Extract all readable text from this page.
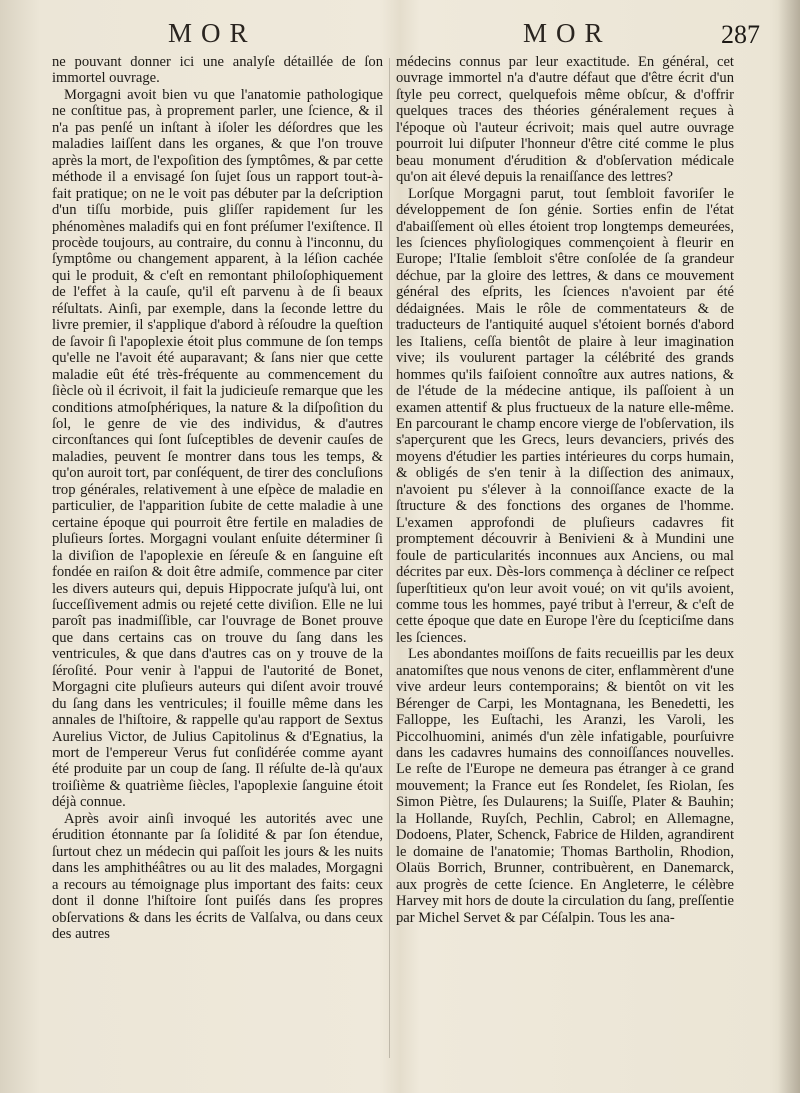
MOR	MOR	287

ne pouvant donner ici une analyſe détaillée de ſon immortel ouvrage.

Morgagni avoit bien vu que l'anatomie pathologique ne conſtitue pas, à proprement parler, une ſcience, & il n'a pas penſé un inſtant à iſoler les déſordres que les maladies laiſſent dans les organes, & que l'on trouve après la mort, de l'expoſition des ſymptômes, & par cette méthode il a envisagé ſon ſujet ſous un rapport tout-à-fait pratique; on ne le voit pas débuter par la deſcription d'un tiſſu morbide, puis gliſſer rapidement ſur les phénomènes maladifs qui en font préſumer l'exiſtence. Il procède toujours, au contraire, du connu à l'inconnu, du ſymptôme ou changement apparent, à la léſion cachée qui le produit, & c'eſt en remontant philoſophiquement de l'effet à la cauſe, qu'il eſt parvenu à de ſi beaux réſultats. Ainſi, par exemple, dans la ſeconde lettre du livre premier, il s'applique d'abord à réſoudre la queſtion de ſavoir ſi l'apoplexie étoit plus commune de ſon temps qu'elle ne l'avoit été auparavant; & ſans nier que cette maladie eût été très-fréquente au commencement du ſiècle où il écrivoit, il fait la judicieuſe remarque que les conditions atmoſphériques, la nature & la diſpoſition du ſol, le genre de vie des individus, & d'autres circonſtances qui ſont ſuſceptibles de devenir cauſes de maladies, peuvent ſe montrer dans tous les temps, & qu'on auroit tort, par conſéquent, de tirer des concluſions trop générales, relativement à une eſpèce de maladie en particulier, de l'apparition ſubite de cette maladie à une certaine époque qui pourroit être fertile en maladies de pluſieurs ſortes. Morgagni voulant enſuite déterminer ſi la diviſion de l'apoplexie en ſéreuſe & en ſanguine eſt fondée en raiſon & doit être admiſe, commence par citer les divers auteurs qui, depuis Hippocrate juſqu'à lui, ont ſucceſſivement admis ou rejeté cette diviſion. Elle ne lui paroît pas inadmiſſible, car l'ouvrage de Bonet prouve que dans certains cas on trouve du ſang dans les ventricules, & que dans d'autres cas on y trouve de la ſéroſité. Pour venir à l'appui de l'autorité de Bonet, Morgagni cite pluſieurs auteurs qui diſent avoir trouvé du ſang dans les ventricules; il fouille même dans les annales de l'hiſtoire, & rappelle qu'au rapport de Sextus Aurelius Victor, de Julius Capitolinus & d'Egnatius, la mort de l'empereur Verus fut conſidérée comme ayant été produite par un coup de ſang. Il réſulte de-là qu'aux troiſième & quatrième ſiècles, l'apoplexie ſanguine étoit déjà connue.

Après avoir ainſi invoqué les autorités avec une érudition étonnante par ſa ſolidité & par ſon étendue, ſurtout chez un médecin qui paſſoit les jours & les nuits dans les amphithéâtres ou au lit des malades, Morgagni a recours au témoignage plus important des faits: ceux dont il donne l'hiſtoire ſont puiſés dans ſes propres obſervations & dans les écrits de Valſalva, ou dans ceux des autres

médecins connus par leur exactitude. En général, cet ouvrage immortel n'a d'autre défaut que d'être écrit d'un ſtyle peu correct, quelquefois même obſcur, & d'offrir quelques traces des théories généralement reçues à l'époque où l'auteur écrivoit; mais quel autre ouvrage pourroit lui diſputer l'honneur d'être cité comme le plus beau monument d'érudition & d'obſervation médicale qu'on ait élevé depuis la renaiſſance des lettres?

Lorſque Morgagni parut, tout ſembloit favoriſer le développement de ſon génie. Sorties enfin de l'état d'abaiſſement où elles étoient trop longtemps demeurées, les ſciences phyſiologiques commençoient à fleurir en Europe; l'Italie ſembloit s'être conſolée de ſa grandeur déchue, par la gloire des lettres, & dans ce mouvement général des eſprits, les ſciences n'avoient par été dédaignées. Mais le rôle de commentateurs & de traducteurs de l'antiquité auquel s'étoient bornés d'abord les Italiens, ceſſa bientôt de plaire à leur imagination vive; ils voulurent partager la célébrité des grands hommes qu'ils faiſoient connoître aux autres nations, & de l'étude de la médecine antique, ils paſſoient à un examen attentif & plus fructueux de la nature elle-même. En parcourant le champ encore vierge de l'obſervation, ils s'aperçurent que les Grecs, leurs devanciers, privés des moyens d'étudier les parties intérieures du corps humain, & obligés de s'en tenir à la diſſection des animaux, n'avoient pu s'élever à la connoiſſance exacte de la ſtructure & des fonctions des organes de l'homme. L'examen approfondi de pluſieurs cadavres fit promptement découvrir à Benivieni & à Mundini une foule de particularités inconnues aux Anciens, ou mal décrites par eux. Dès-lors commença à décliner ce reſpect ſuperſtitieux qu'on leur avoit voué; on vit qu'ils avoient, comme tous les hommes, payé tribut à l'erreur, & c'eſt de cette époque que date en Europe l'ère du ſcepticiſme dans les ſciences.

Les abondantes moiſſons de faits recueillis par les deux anatomiſtes que nous venons de citer, enflammèrent d'une vive ardeur leurs contemporains; & bientôt on vit les Bérenger de Carpi, les Montagnana, les Benedetti, les Falloppe, les Euſtachi, les Aranzi, les Varoli, les Piccolhuomini, animés d'un zèle infatigable, pourſuivre dans les cadavres humains des connoiſſances nouvelles. Le reſte de l'Europe ne demeura pas étranger à ce grand mouvement; la France eut ſes Rondelet, ſes Riolan, ſes Simon Piètre, ſes Dulaurens; la Suiſſe, Plater & Bauhin; la Hollande, Ruyſch, Pechlin, Cabrol; en Allemagne, Dodoens, Plater, Schenck, Fabrice de Hilden, agrandirent le domaine de l'anatomie; Thomas Bartholin, Rhodion, Olaüs Borrich, Brunner, contribuèrent, en Danemarck, aux progrès de cette ſcience. En Angleterre, le célèbre Harvey mit hors de doute la circulation du ſang, preſſentie par Michel Servet & par Céſalpin. Tous les ana-
